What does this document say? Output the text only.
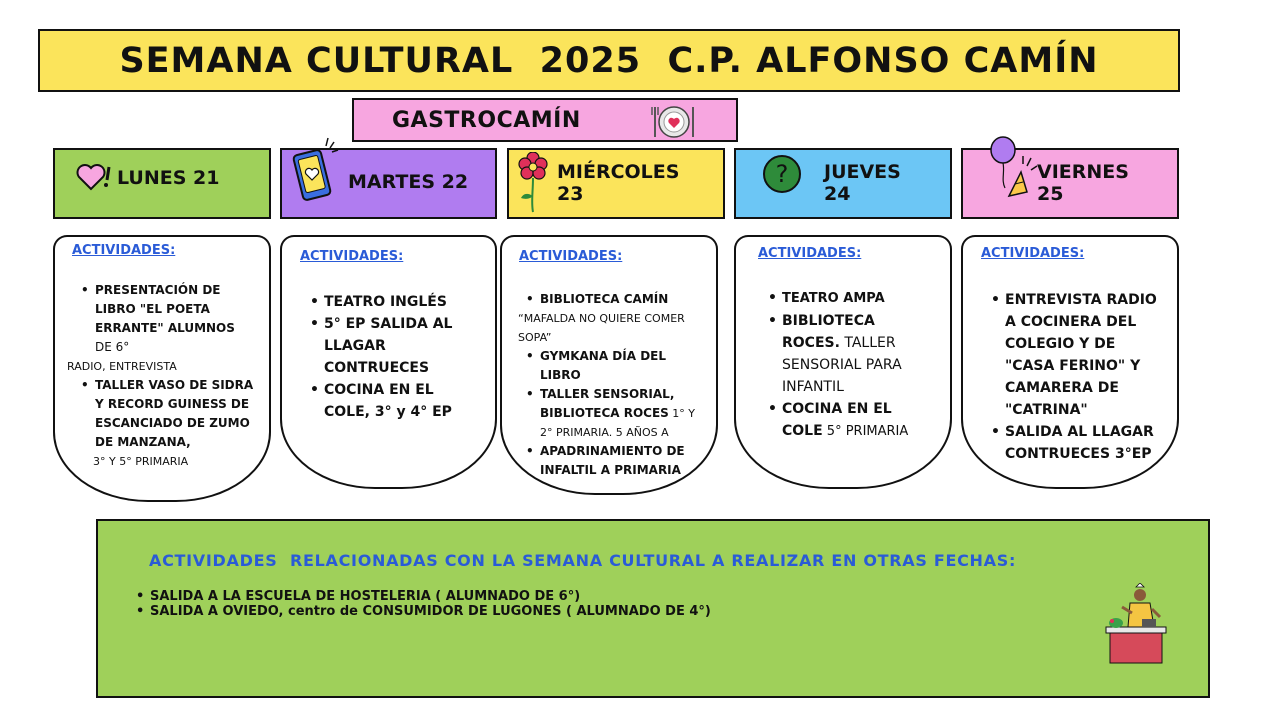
SEMANA CULTURAL  2025  C.P. ALFONSO CAMÍN
GASTROCAMÍN
LUNES 21	MARTES 22	MIÉRCOLES
23
? JUEVES
24
VIERNES
25
ACTIVIDADES:
• PRESENTACIÓN DE LIBRO "EL POETA ERRANTE" ALUMNOS
DE 6°
RADIO, ENTREVISTA
• TALLER VASO DE SIDRA Y RECORD GUINESS DE ESCANCIADO DE ZUMO DE MANZANA,
3° Y 5° PRIMARIA
ACTIVIDADES:
• TEATRO INGLÉS
• 5° EP SALIDA AL LLAGAR CONTRUECES
• COCINA EN EL COLE, 3° y 4° EP
ACTIVIDADES:
• BIBLIOTECA CAMÍN
“MAFALDA NO QUIERE COMER SOPA”
• GYMKANA DÍA DEL LIBRO
• TALLER SENSORIAL, BIBLIOTECA ROCES 1° Y 2° PRIMARIA. 5 AÑOS A
• APADRINAMIENTO DE INFALTIL A PRIMARIA
ACTIVIDADES:
• TEATRO AMPA
• BIBLIOTECA ROCES. TALLER SENSORIAL PARA INFANTIL
• COCINA EN EL COLE 5° PRIMARIA
ACTIVIDADES:
• ENTREVISTA RADIO A COCINERA DEL COLEGIO Y DE "CASA FERINO" Y CAMARERA DE "CATRINA"
• SALIDA AL LLAGAR CONTRUECES 3°EP
ACTIVIDADES  RELACIONADAS CON LA SEMANA CULTURAL A REALIZAR EN OTRAS FECHAS:
• SALIDA A LA ESCUELA DE HOSTELERIA ( ALUMNADO DE 6°)
• SALIDA A OVIEDO, centro de CONSUMIDOR DE LUGONES ( ALUMNADO DE 4°)
